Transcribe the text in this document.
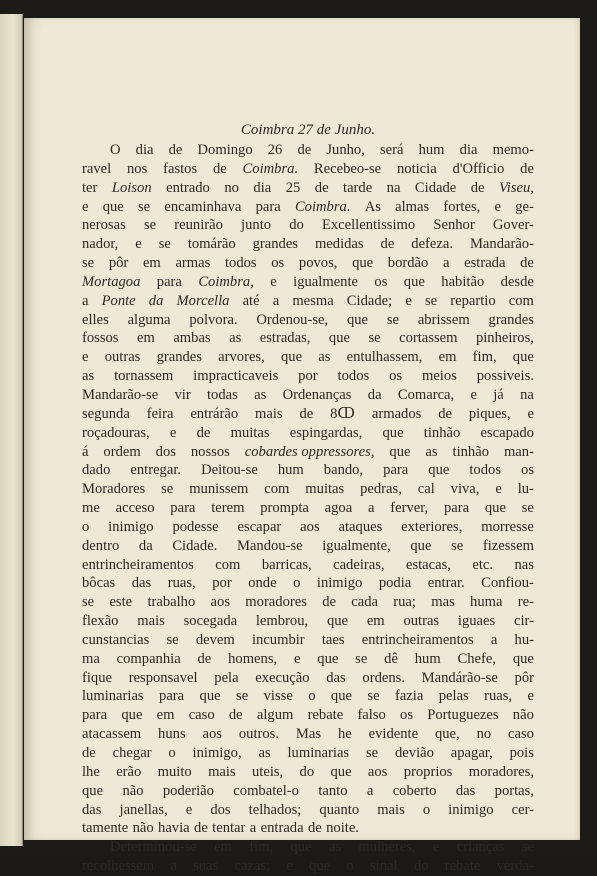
Coimbra 27 de Junho.
O dia de Domingo 26 de Junho, será hum dia memo-
ravel nos fastos de Coimbra. Recebeo-se noticia d'Officio de
ter Loison entrado no dia 25 de tarde na Cidade de Viseu,
e que se encaminhava para Coimbra. As almas fortes, e ge-
nerosas se reunirão junto do Excellentissimo Senhor Gover-
nador, e se tomárão grandes medidas de defeza. Mandarão-
se pôr em armas todos os povos, que bordão a estrada de
Mortagoa para Coimbra, e igualmente os que habitão desde
a Ponte da Morcella até a mesma Cidade; e se repartio com
elles alguma polvora. Ordenou-se, que se abrissem grandes
fossos em ambas as estradas, que se cortassem pinheiros,
e outras grandes arvores, que as entulhassem, em fim, que
as tornassem impracticaveis por todos os meios possiveis.
Mandarão-se vir todas as Ordenanças da Comarca, e já na
segunda feira entrárão mais de 8ↀ armados de piques, e
roçadouras, e de muitas espingardas, que tinhão escapado
á ordem dos nossos cobardes oppressores, que as tinhão man-
dado entregar. Deitou-se hum bando, para que todos os
Moradores se munissem com muitas pedras, cal viva, e lu-
me acceso para terem prompta agoa a ferver, para que se
o inimigo podesse escapar aos ataques exteriores, morresse
dentro da Cidade. Mandou-se igualmente, que se fizessem
entrincheiramentos com barricas, cadeiras, estacas, etc. nas
bôcas das ruas, por onde o inimigo podia entrar. Confiou-
se este trabalho aos moradores de cada rua; mas huma re-
flexão mais socegada lembrou, que em outras iguaes cir-
cunstancias se devem incumbir taes entrincheiramentos a hu-
ma companhia de homens, e que se dê hum Chefe, que
fique responsavel pela execução das ordens. Mandárão-se pôr
luminarias para que se visse o que se fazia pelas ruas, e
para que em caso de algum rebate falso os Portuguezes não
atacassem huns aos outros. Mas he evidente que, no caso
de chegar o inimigo, as luminarias se devião apagar, pois
lhe erão muito mais uteis, do que aos proprios moradores,
que não poderião combatel-o tanto a coberto das portas,
das janellas, e dos telhados; quanto mais o inimigo cer-
tamente não havia de tentar a entrada de noite.
Determinou-se em fim, que as mulheres, e crianças se
recolhessem a suas cazas; e que o sinal do rebate verda-
